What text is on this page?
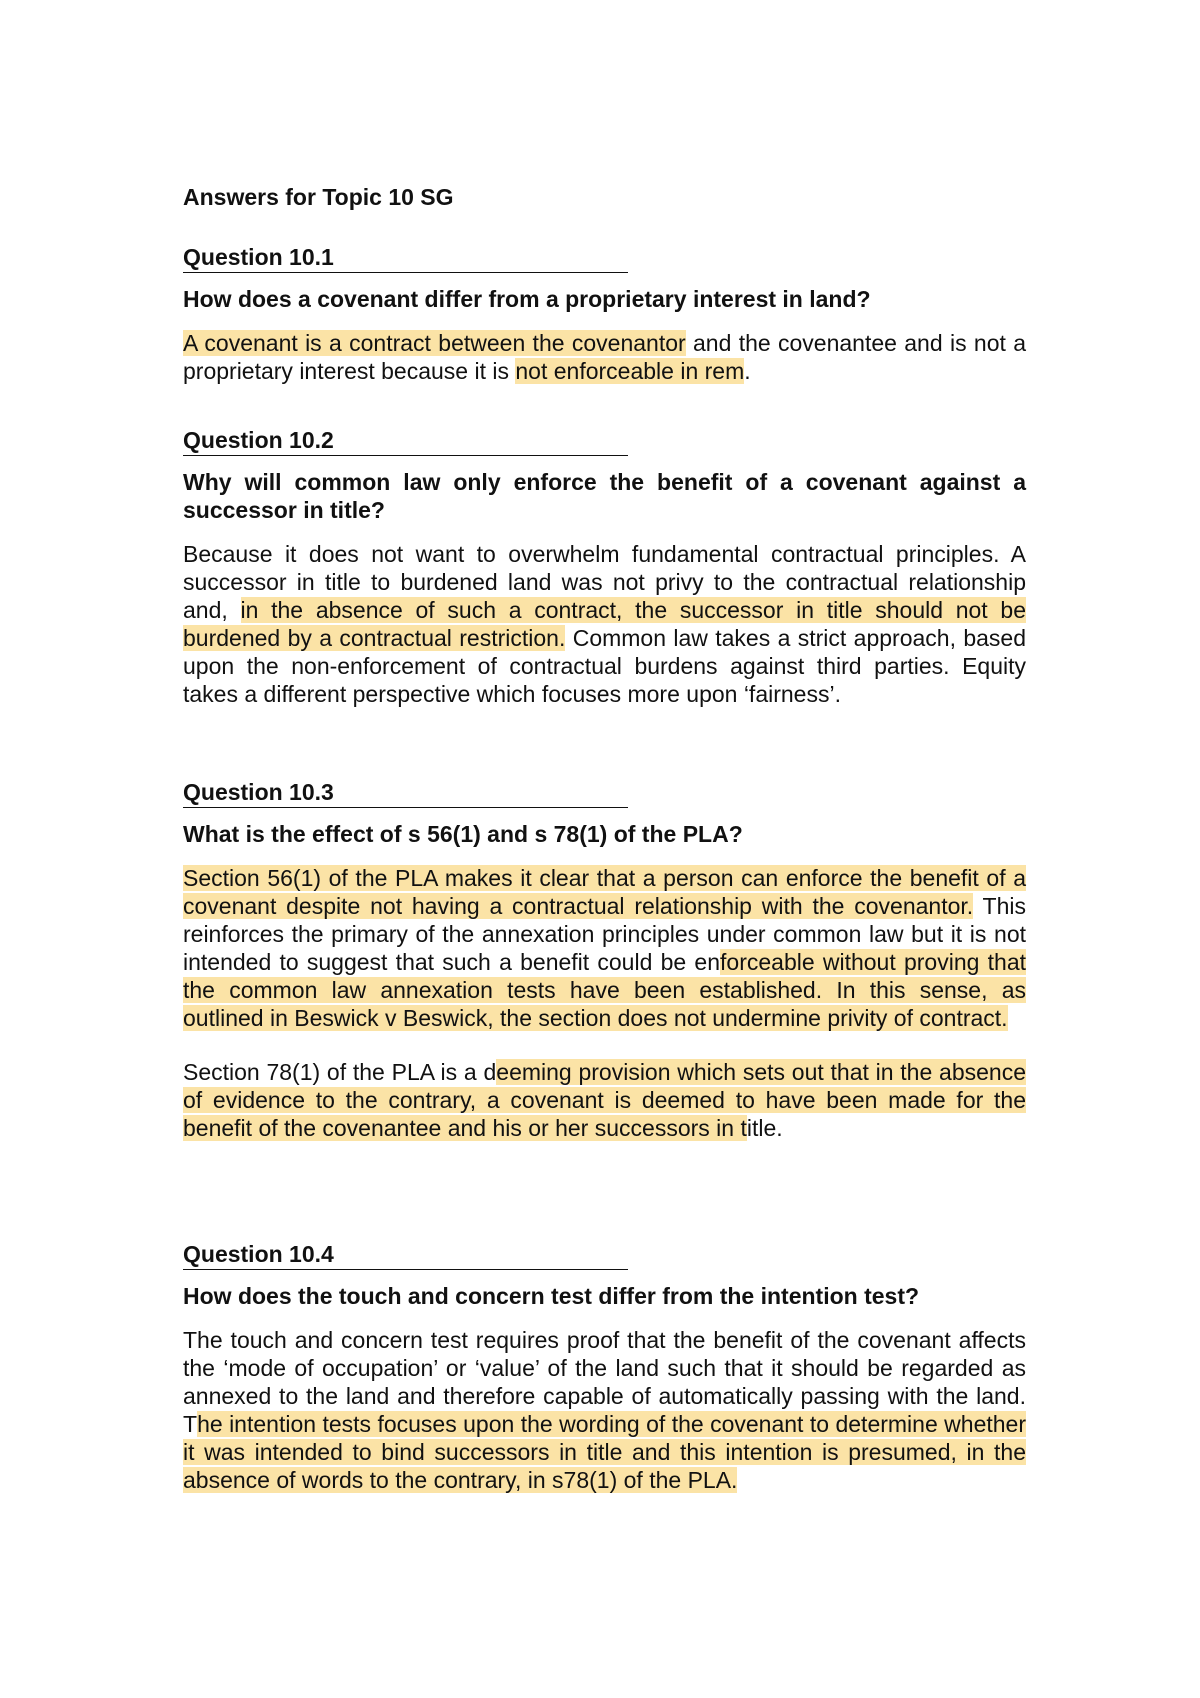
Answers for Topic 10 SG
Question 10.1
How does a covenant differ from a proprietary interest in land?
A covenant is a contract between the covenantor and the covenantee and is not a proprietary interest because it is not enforceable in rem.
Question 10.2
Why will common law only enforce the benefit of a covenant against a successor in title?
Because it does not want to overwhelm fundamental contractual principles. A successor in title to burdened land was not privy to the contractual relationship and, in the absence of such a contract, the successor in title should not be burdened by a contractual restriction. Common law takes a strict approach, based upon the non-enforcement of contractual burdens against third parties. Equity takes a different perspective which focuses more upon ‘fairness’.
Question 10.3
What is the effect of s 56(1) and s 78(1) of the PLA?
Section 56(1) of the PLA makes it clear that a person can enforce the benefit of a covenant despite not having a contractual relationship with the covenantor. This reinforces the primary of the annexation principles under common law but it is not intended to suggest that such a benefit could be enforceable without proving that the common law annexation tests have been established. In this sense, as outlined in Beswick v Beswick, the section does not undermine privity of contract.
Section 78(1) of the PLA is a deeming provision which sets out that in the absence of evidence to the contrary, a covenant is deemed to have been made for the benefit of the covenantee and his or her successors in title.
Question 10.4
How does the touch and concern test differ from the intention test?
The touch and concern test requires proof that the benefit of the covenant affects the ‘mode of occupation’ or ‘value’ of the land such that it should be regarded as annexed to the land and therefore capable of automatically passing with the land. The intention tests focuses upon the wording of the covenant to determine whether it was intended to bind successors in title and this intention is presumed, in the absence of words to the contrary, in s78(1) of the PLA.
